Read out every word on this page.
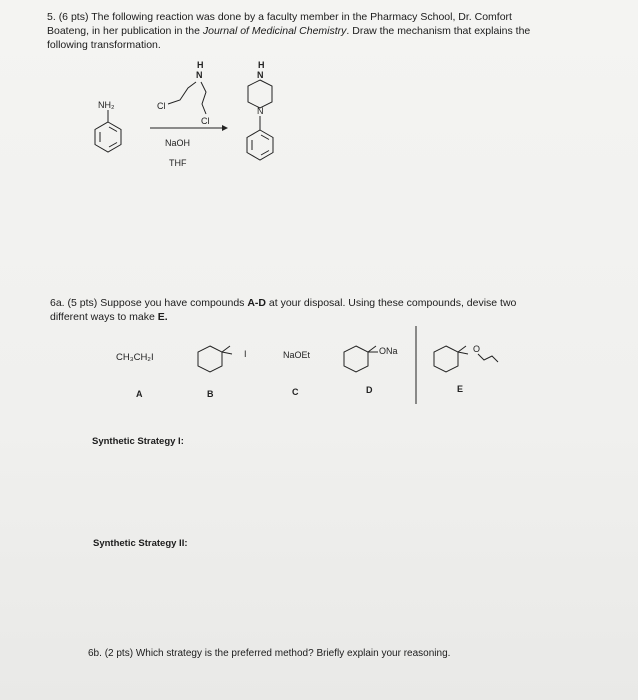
5. (6 pts) The following reaction was done by a faculty member in the Pharmacy School, Dr. Comfort
Boateng, in her publication in the Journal of Medicinal Chemistry. Draw the mechanism that explains the
following transformation.
NH₂	Cl
H
N
Cl
NaOH
THF
H
N
N
6a. (5 pts) Suppose you have compounds A-D at your disposal. Using these compounds, devise two
different ways to make E.
CH₃CH₂I	I	NaOEt	ONa	O
A	B	C	D	E
Synthetic Strategy I:
Synthetic Strategy II:
6b. (2 pts) Which strategy is the preferred method? Briefly explain your reasoning.
